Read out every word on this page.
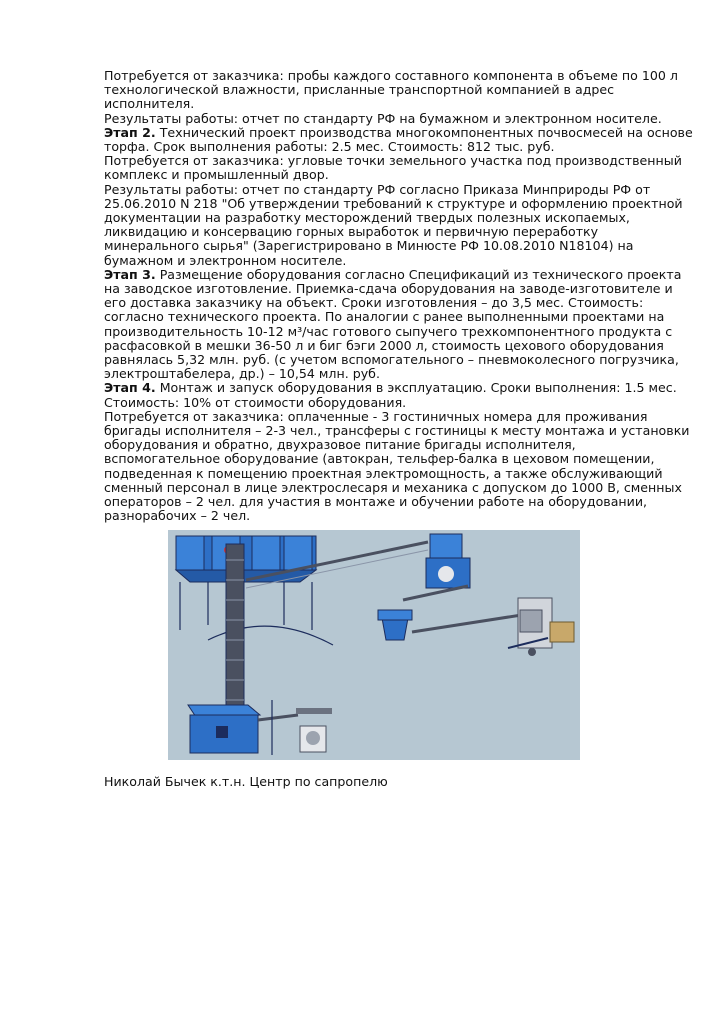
Потребуется от заказчика: пробы каждого составного компонента в объеме по 100 л технологической влажности, присланные транспортной компанией в адрес исполнителя.

Результаты работы: отчет по стандарту РФ на бумажном и электронном носителе.

Этап 2. Технический проект производства многокомпонентных почвосмесей на основе торфа. Срок выполнения работы: 2.5 мес. Стоимость: 812 тыс. руб.

Потребуется от заказчика: угловые точки земельного участка под производственный комплекс и промышленный двор.

Результаты работы: отчет по стандарту РФ согласно Приказа Минприроды РФ от 25.06.2010 N 218 "Об утверждении требований к структуре и оформлению проектной документации на разработку месторождений твердых полезных ископаемых, ликвидацию и консервацию горных выработок и первичную переработку минерального сырья" (Зарегистрировано в Минюсте РФ 10.08.2010 N18104) на бумажном и электронном носителе.

Этап 3. Размещение оборудования согласно Спецификаций из технического проекта на заводское изготовление. Приемка-сдача оборудования на заводе-изготовителе и его доставка заказчику на объект. Сроки изготовления – до 3,5 мес. Стоимость: согласно технического проекта. По аналогии с ранее выполненными проектами на производительность 10-12 м³/час готового сыпучего трехкомпонентного продукта с расфасовкой в мешки 36-50 л и биг бэги 2000 л, стоимость цехового оборудования равнялась 5,32 млн. руб. (с учетом вспомогательного – пневмоколесного погрузчика, электроштабелера, др.) – 10,54 млн. руб.

Этап 4. Монтаж и запуск оборудования в эксплуатацию. Сроки выполнения: 1.5 мес. Стоимость: 10% от стоимости оборудования.

Потребуется от заказчика: оплаченные - 3 гостиничных номера для проживания бригады исполнителя – 2-3 чел., трансферы с гостиницы к месту монтажа и установки оборудования и обратно, двухразовое питание бригады исполнителя, вспомогательное оборудование (автокран, тельфер-балка в цеховом помещении, подведенная к помещению проектная электромощность, а также обслуживающий сменный персонал в лице электрослесаря и механика с допуском до 1000 В, сменных операторов – 2 чел. для участия в монтаже и обучении работе на оборудовании, разнорабочих – 2 чел.

Николай Бычек к.т.н. Центр по сапропелю
